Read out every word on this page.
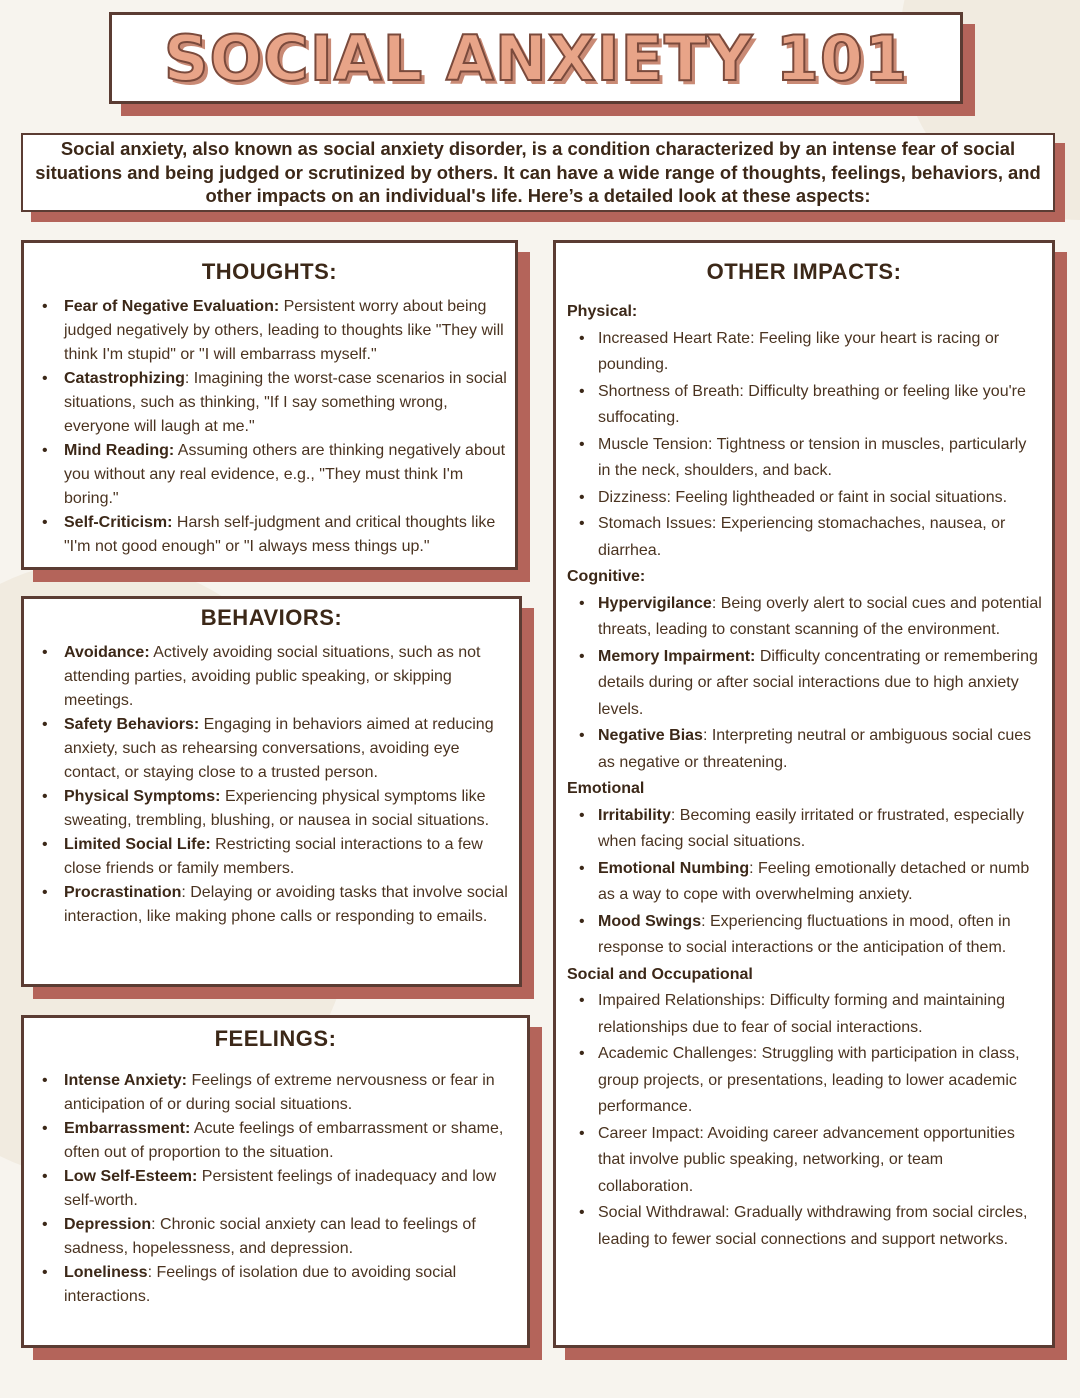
SOCIAL ANXIETY 101

Social anxiety, also known as social anxiety disorder, is a condition characterized by an intense fear of social situations and being judged or scrutinized by others. It can have a wide range of thoughts, feelings, behaviors, and other impacts on an individual's life. Here’s a detailed look at these aspects:

THOUGHTS:
• Fear of Negative Evaluation: Persistent worry about being judged negatively by others, leading to thoughts like "They will think I'm stupid" or "I will embarrass myself."
• Catastrophizing: Imagining the worst-case scenarios in social situations, such as thinking, "If I say something wrong, everyone will laugh at me."
• Mind Reading: Assuming others are thinking negatively about you without any real evidence, e.g., "They must think I'm boring."
• Self-Criticism: Harsh self-judgment and critical thoughts like "I'm not good enough" or "I always mess things up."
BEHAVIORS:
• Avoidance: Actively avoiding social situations, such as not attending parties, avoiding public speaking, or skipping meetings.
• Safety Behaviors: Engaging in behaviors aimed at reducing anxiety, such as rehearsing conversations, avoiding eye contact, or staying close to a trusted person.
• Physical Symptoms: Experiencing physical symptoms like sweating, trembling, blushing, or nausea in social situations.
• Limited Social Life: Restricting social interactions to a few close friends or family members.
• Procrastination: Delaying or avoiding tasks that involve social interaction, like making phone calls or responding to emails.
FEELINGS:
• Intense Anxiety: Feelings of extreme nervousness or fear in anticipation of or during social situations.
• Embarrassment: Acute feelings of embarrassment or shame, often out of proportion to the situation.
• Low Self-Esteem: Persistent feelings of inadequacy and low self-worth.
• Depression: Chronic social anxiety can lead to feelings of sadness, hopelessness, and depression.
• Loneliness: Feelings of isolation due to avoiding social interactions.
OTHER IMPACTS:

Physical:

• Increased Heart Rate: Feeling like your heart is racing or pounding.
• Shortness of Breath: Difficulty breathing or feeling like you're suffocating.
• Muscle Tension: Tightness or tension in muscles, particularly in the neck, shoulders, and back.
• Dizziness: Feeling lightheaded or faint in social situations.
• Stomach Issues: Experiencing stomachaches, nausea, or diarrhea.

Cognitive:

• Hypervigilance: Being overly alert to social cues and potential threats, leading to constant scanning of the environment.
• Memory Impairment: Difficulty concentrating or remembering details during or after social interactions due to high anxiety levels.
• Negative Bias: Interpreting neutral or ambiguous social cues as negative or threatening.

Emotional

• Irritability: Becoming easily irritated or frustrated, especially when facing social situations.
• Emotional Numbing: Feeling emotionally detached or numb as a way to cope with overwhelming anxiety.
• Mood Swings: Experiencing fluctuations in mood, often in response to social interactions or the anticipation of them.

Social and Occupational

• Impaired Relationships: Difficulty forming and maintaining relationships due to fear of social interactions.
• Academic Challenges: Struggling with participation in class, group projects, or presentations, leading to lower academic performance.
• Career Impact: Avoiding career advancement opportunities that involve public speaking, networking, or team collaboration.
• Social Withdrawal: Gradually withdrawing from social circles, leading to fewer social connections and support networks.
